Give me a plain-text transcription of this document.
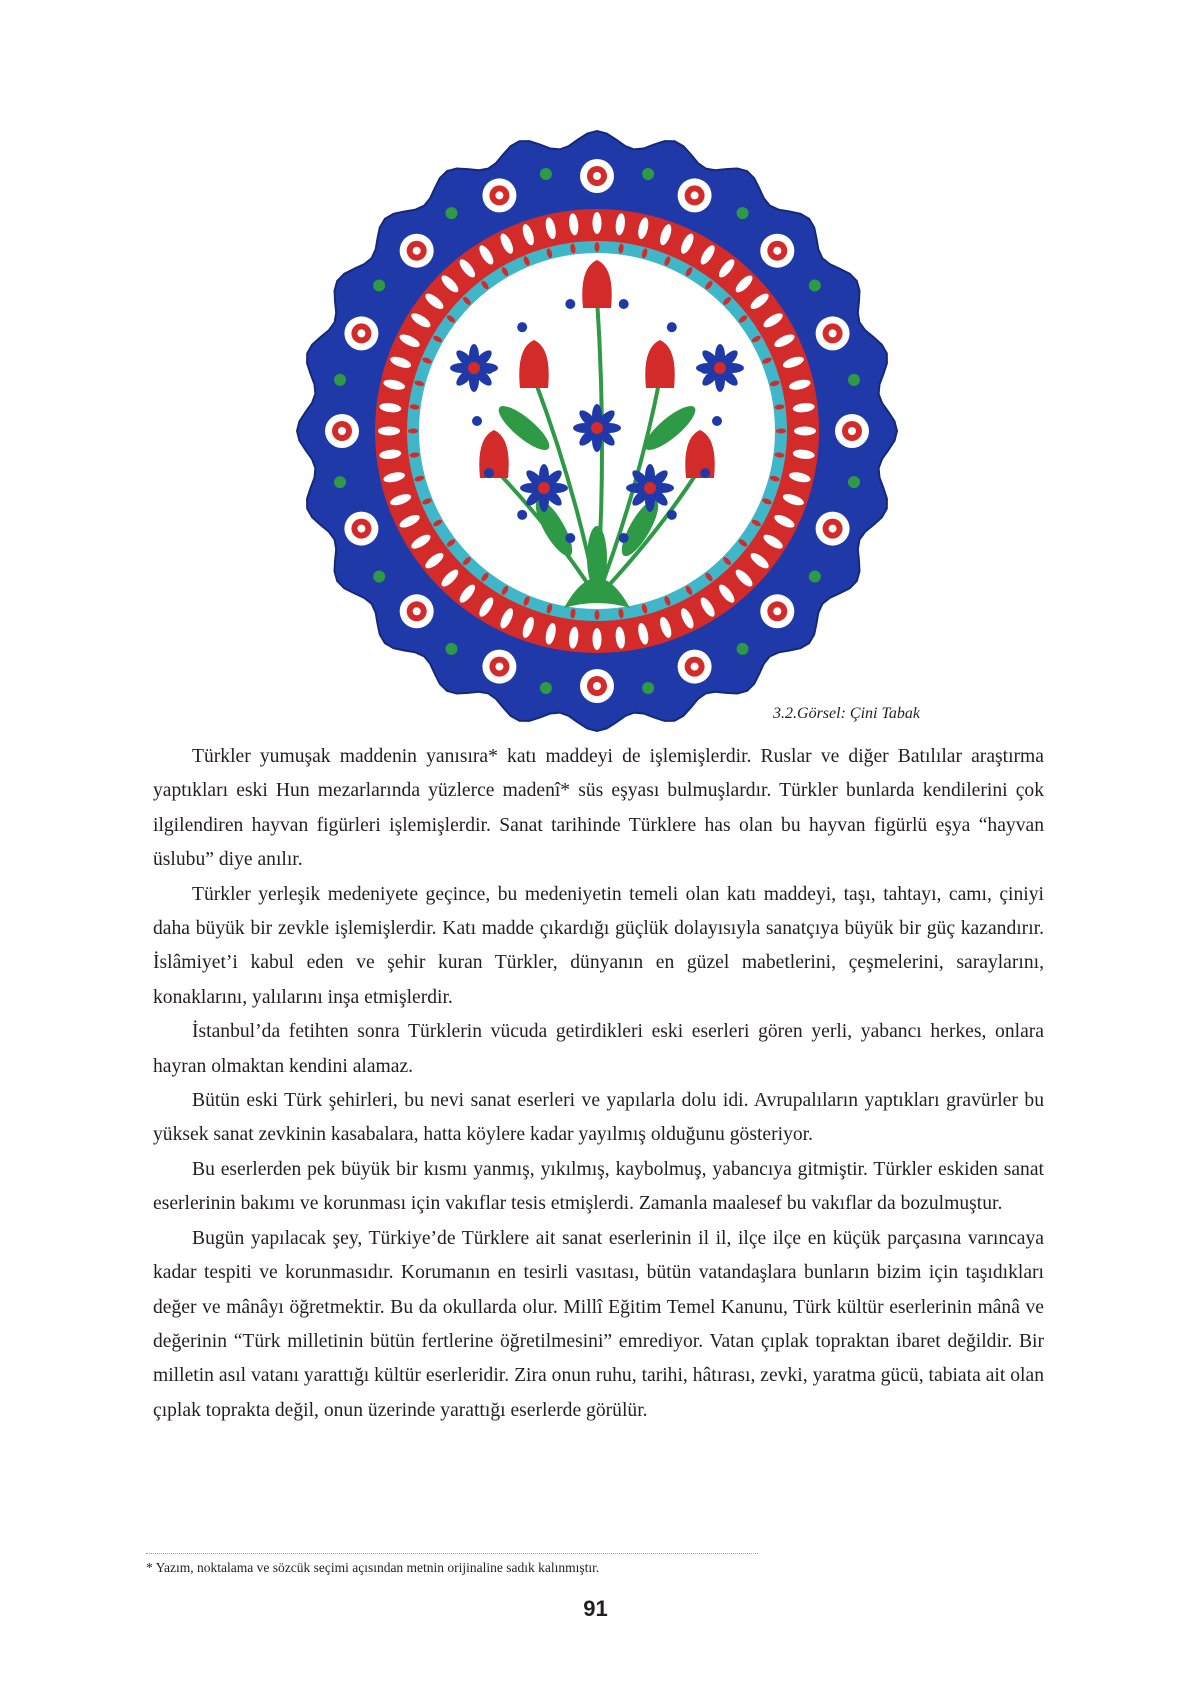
3.2.Görsel: Çini Tabak

Türkler yumuşak maddenin yanısıra* katı maddeyi de işlemişlerdir. Ruslar ve diğer Batılılar araştırma yaptıkları eski Hun mezarlarında yüzlerce madenî* süs eşyası bulmuşlardır. Türkler bunlarda kendilerini çok ilgilendiren hayvan figürleri işlemişlerdir. Sanat tarihinde Türklere has olan bu hayvan figürlü eşya “hayvan üslubu” diye anılır.

Türkler yerleşik medeniyete geçince, bu medeniyetin temeli olan katı maddeyi, taşı, tahtayı, camı, çiniyi daha büyük bir zevkle işlemişlerdir. Katı madde çıkardığı güçlük dolayısıyla sanatçıya büyük bir güç kazandırır. İslâmiyet’i kabul eden ve şehir kuran Türkler, dünyanın en güzel mabetlerini, çeşmelerini, saraylarını, konaklarını, yalılarını inşa etmişlerdir.

İstanbul’da fetihten sonra Türklerin vücuda getirdikleri eski eserleri gören yerli, yabancı herkes, onlara hayran olmaktan kendini alamaz.

Bütün eski Türk şehirleri, bu nevi sanat eserleri ve yapılarla dolu idi. Avrupalıların yaptıkları gravürler bu yüksek sanat zevkinin kasabalara, hatta köylere kadar yayılmış olduğunu gösteriyor.

Bu eserlerden pek büyük bir kısmı yanmış, yıkılmış, kaybolmuş, yabancıya gitmiştir. Türkler eskiden sanat eserlerinin bakımı ve korunması için vakıflar tesis etmişlerdi. Zamanla maalesef bu vakıflar da bozulmuştur.

Bugün yapılacak şey, Türkiye’de Türklere ait sanat eserlerinin il il, ilçe ilçe en küçük parçasına varıncaya kadar tespiti ve korunmasıdır. Korumanın en tesirli vasıtası, bütün vatandaşlara bunların bizim için taşıdıkları değer ve mânâyı öğretmektir. Bu da okullarda olur. Millî Eğitim Temel Kanunu, Türk kültür eserlerinin mânâ ve değerinin “Türk milletinin bütün fertlerine öğretilmesini” emrediyor. Vatan çıplak topraktan ibaret değildir. Bir milletin asıl vatanı yarattığı kültür eserleridir. Zira onun ruhu, tarihi, hâtırası, zevki, yaratma gücü, tabiata ait olan çıplak toprakta değil, onun üzerinde yarattığı eserlerde görülür.

* Yazım, noktalama ve sözcük seçimi açısından metnin orijinaline sadık kalınmıştır.
91
